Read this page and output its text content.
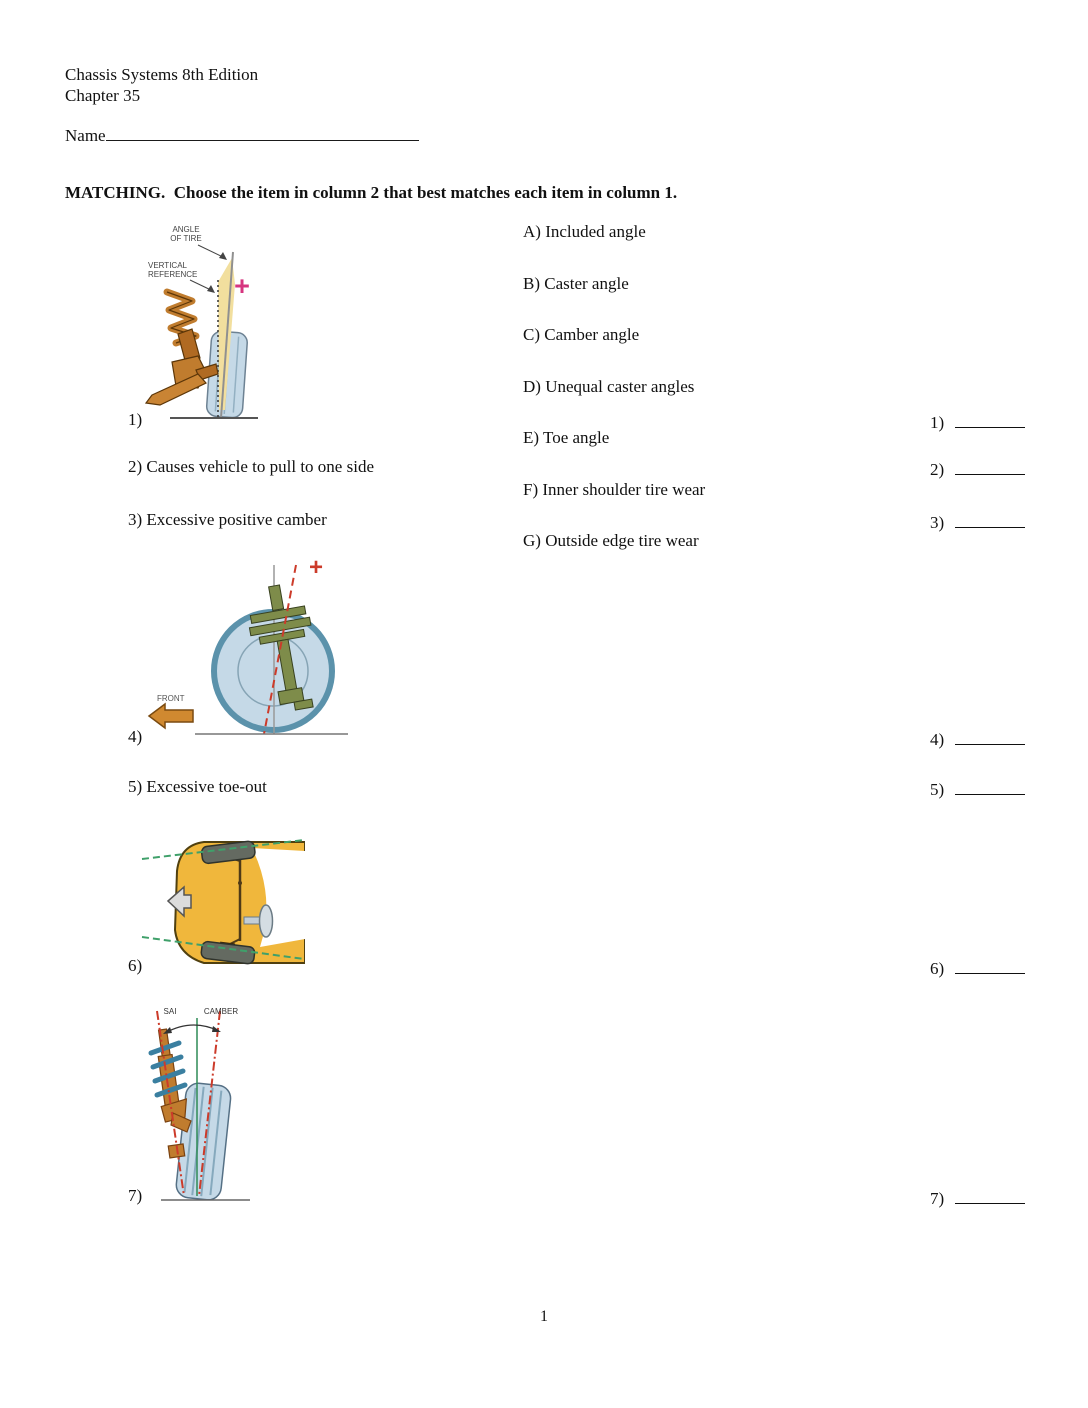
Chassis Systems 8th Edition
Chapter 35
Name
MATCHING.  Choose the item in column 2 that best matches each item in column 1.
A) Included angle
B) Caster angle
C) Camber angle
D) Unequal caster angles
E) Toe angle
F) Inner shoulder tire wear
G) Outside edge tire wear
1)
2) Causes vehicle to pull to one side
3) Excessive positive camber
4)
5) Excessive toe-out
6)
7)
1)
2)
3)
4)
5)
6)
7)
+
ANGLE
OF TIRE
VERTICAL
REFERENCE
+
FRONT
SAI	CAMBER
1
